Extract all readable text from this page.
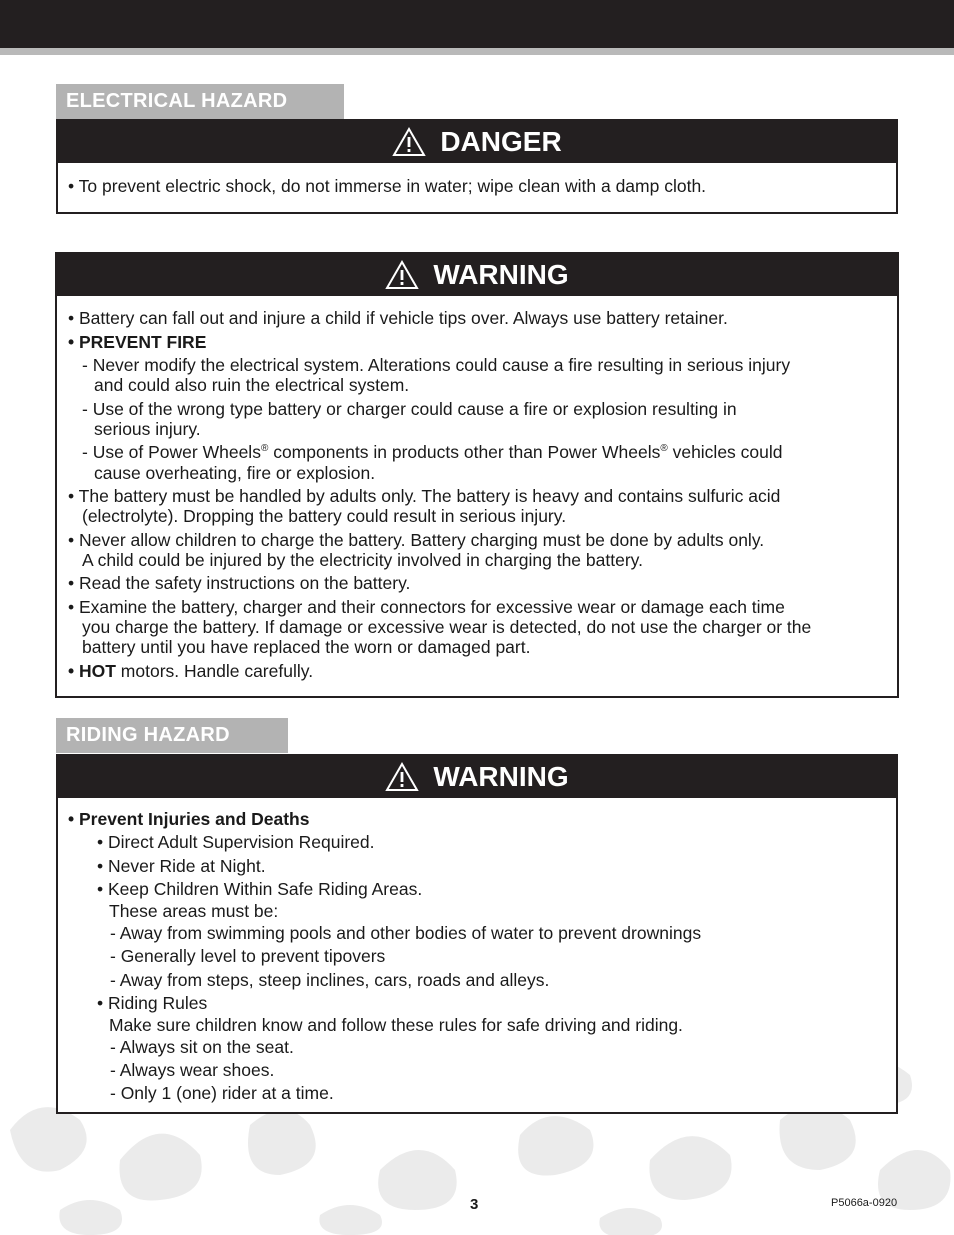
ELECTRICAL HAZARD
DANGER
• To prevent electric shock, do not immerse in water; wipe clean with a damp cloth.
WARNING
• Battery can fall out and injure a child if vehicle tips over. Always use battery retainer.
• PREVENT FIRE
- Never modify the electrical system. Alterations could cause a fire resulting in serious injury
and could also ruin the electrical system.
- Use of the wrong type battery or charger could cause a fire or explosion resulting in
serious injury.
- Use of Power Wheels® components in products other than Power Wheels® vehicles could
cause overheating, fire or explosion.
• The battery must be handled by adults only. The battery is heavy and contains sulfuric acid
(electrolyte). Dropping the battery could result in serious injury.
• Never allow children to charge the battery. Battery charging must be done by adults only.
A child could be injured by the electricity involved in charging the battery.
• Read the safety instructions on the battery.
• Examine the battery, charger and their connectors for excessive wear or damage each time
you charge the battery. If damage or excessive wear is detected, do not use the charger or the
battery until you have replaced the worn or damaged part.
• HOT motors. Handle carefully.
RIDING HAZARD
WARNING
• Prevent Injuries and Deaths
• Direct Adult Supervision Required.
• Never Ride at Night.
• Keep Children Within Safe Riding Areas.
These areas must be:
- Away from swimming pools and other bodies of water to prevent drownings
- Generally level to prevent tipovers
- Away from steps, steep inclines, cars, roads and alleys.
• Riding Rules
Make sure children know and follow these rules for safe driving and riding.
- Always sit on the seat.
- Always wear shoes.
- Only 1 (one) rider at a time.
3	P5066a-0920
